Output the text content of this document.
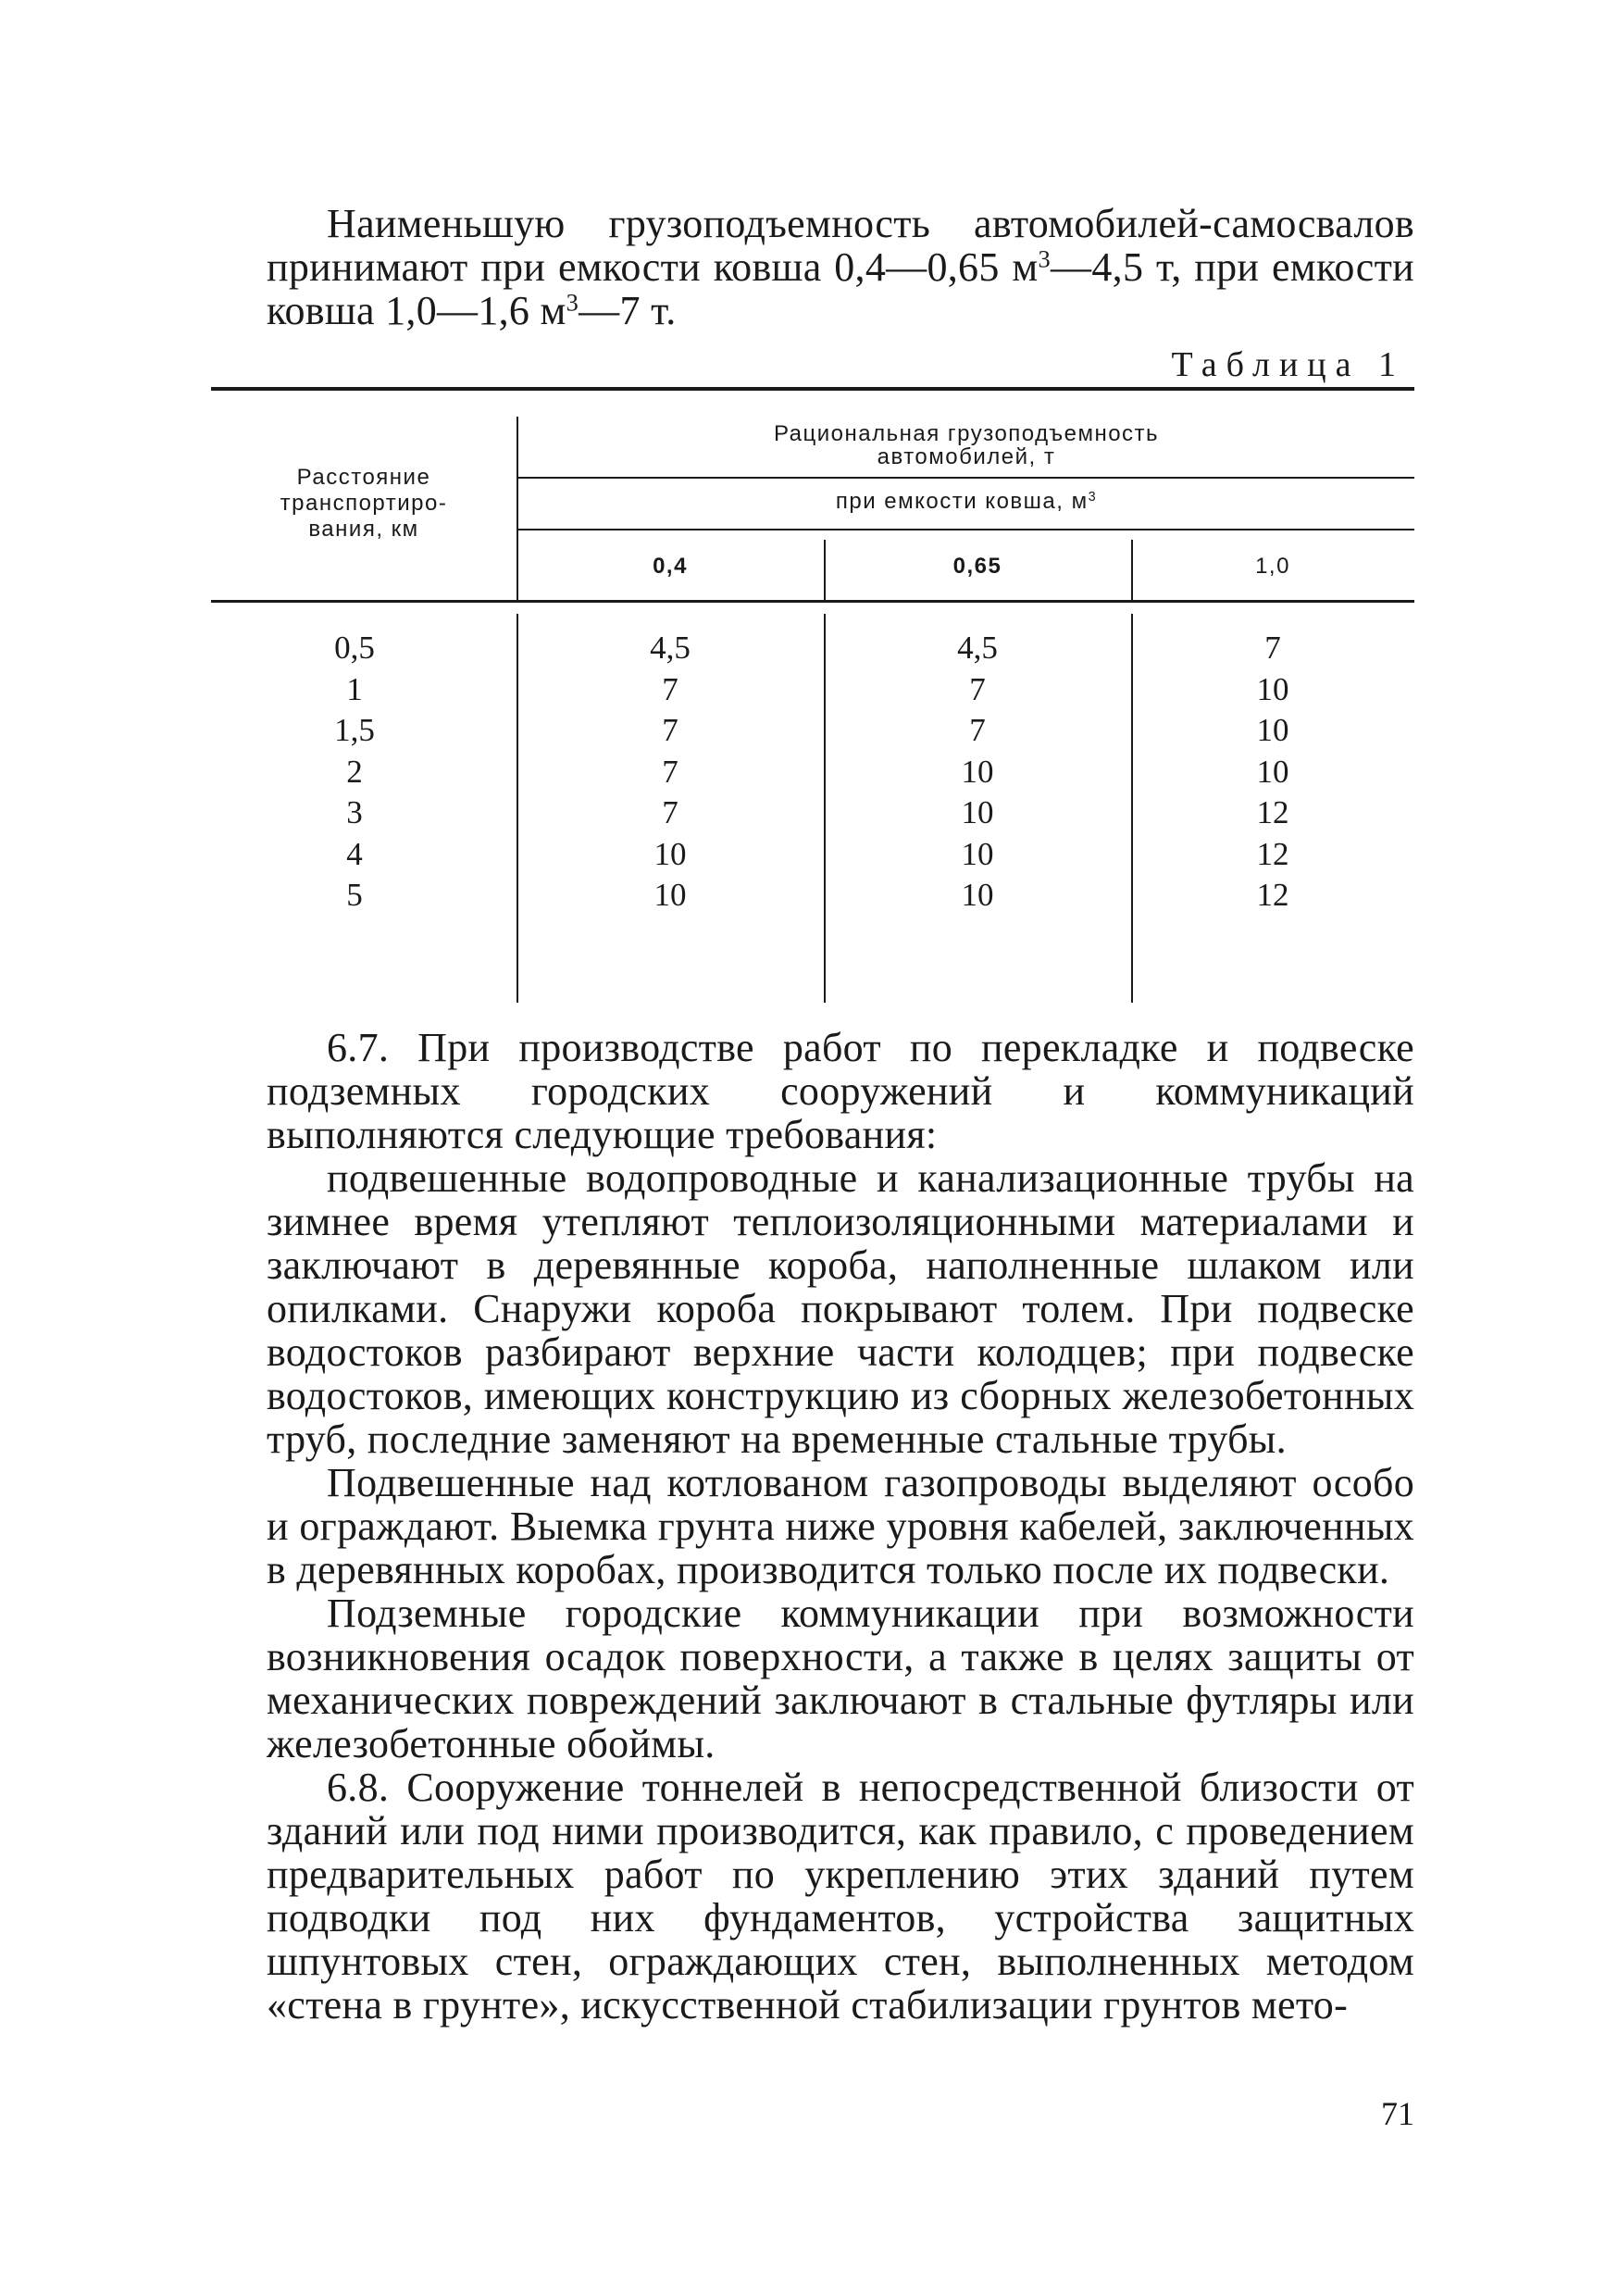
Наименьшую грузоподъемность автомобилей-самосвалов принимают при емкости ковша 0,4—0,65 $м^3—4,5$ т, при емкости ковша 1,0—1,6 $м^3—7$ т.

Таблица 1
Расстояние
транспортиро-
вания, км
Рациональная грузоподъемность
автомобилей, т
при емкости ковша, $м^3$
0,4	0,65	1,0
0,5	4,5	4,5	7
1	7	7	10
1,5	7	7	10
2	7	10	10
3	7	10	12
4	10	10	12
5	10	10	12

6.7. При производстве работ по перекладке и подвеске подземных городских сооружений и коммуникаций выполняются следующие требования:

подвешенные водопроводные и канализационные трубы на зимнее время утепляют теплоизоляционными материалами и заключают в деревянные короба, наполненные шлаком или опилками. Снаружи короба покрывают толем. При подвеске водостоков разбирают верхние части колодцев; при подвеске водостоков, имеющих конструкцию из сборных железобетонных труб, последние заменяют на временные стальные трубы.

Подвешенные над котлованом газопроводы выделяют особо и ограждают. Выемка грунта ниже уровня кабелей, заключенных в деревянных коробах, производится только после их подвески.

Подземные городские коммуникации при возможности возникновения осадок поверхности, а также в целях защиты от механических повреждений заключают в стальные футляры или железобетонные обоймы.

6.8. Сооружение тоннелей в непосредственной близости от зданий или под ними производится, как правило, с проведением предварительных работ по укреплению этих зданий путем подводки под них фундаментов, устройства защитных шпунтовых стен, ограждающих стен, выполненных методом «стена в грунте», искусственной стабилизации грунтов мето-

71
